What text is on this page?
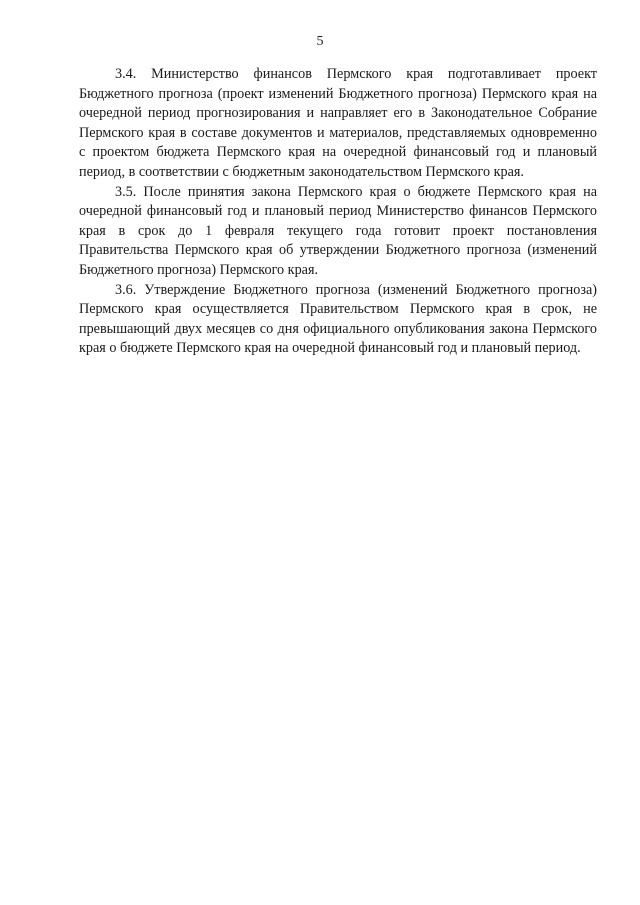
5

3.4. Министерство финансов Пермского края подготавливает проект Бюджетного прогноза (проект изменений Бюджетного прогноза) Пермского края на очередной период прогнозирования и направляет его в Законодательное Собрание Пермского края в составе документов и материалов, представляемых одновременно с проектом бюджета Пермского края на очередной финансовый год и плановый период, в соответствии с бюджетным законодательством Пермского края.

3.5. После принятия закона Пермского края о бюджете Пермского края на очередной финансовый год и плановый период Министерство финансов Пермского края в срок до 1 февраля текущего года готовит проект постановления Правительства Пермского края об утверждении Бюджетного прогноза (изменений Бюджетного прогноза) Пермского края.

3.6. Утверждение Бюджетного прогноза (изменений Бюджетного прогноза) Пермского края осуществляется Правительством Пермского края в срок, не превышающий двух месяцев со дня официального опубликования закона Пермского края о бюджете Пермского края на очередной финансовый год и плановый период.
